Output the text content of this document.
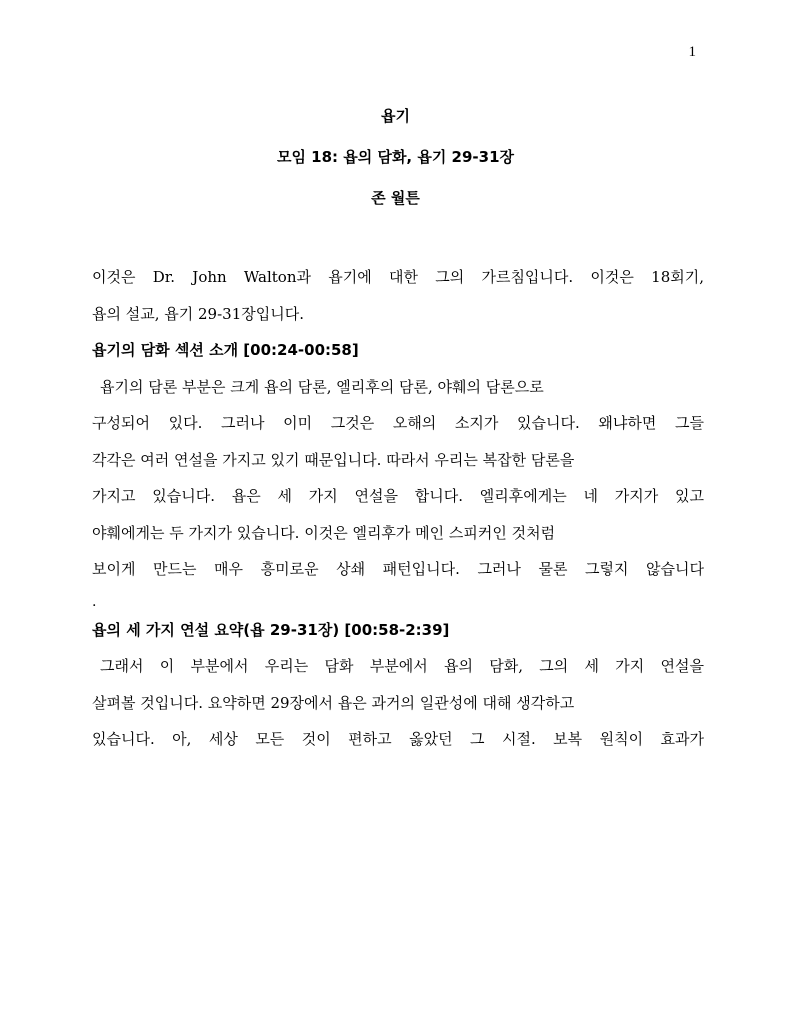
1
욥기
모임 18: 욥의 담화, 욥기 29-31장
존 월튼
이것은 Dr. John Walton과 욥기에 대한 그의 가르침입니다. 이것은 18회기,
욥의 설교, 욥기 29-31장입니다.
욥기의 담화 섹션 소개 [00:24-00:58]
욥기의 담론 부분은 크게 욥의 담론, 엘리후의 담론, 야훼의 담론으로
구성되어 있다. 그러나 이미 그것은 오해의 소지가 있습니다. 왜냐하면 그들
각각은 여러 연설을 가지고 있기 때문입니다. 따라서 우리는 복잡한 담론을
가지고 있습니다. 욥은 세 가지 연설을 합니다. 엘리후에게는 네 가지가 있고
야훼에게는 두 가지가 있습니다. 이것은 엘리후가 메인 스피커인 것처럼
보이게 만드는 매우 흥미로운 상쇄 패턴입니다. 그러나 물론 그렇지 않습니다
.
욥의 세 가지 연설 요약(욥 29-31장) [00:58-2:39]
그래서 이 부분에서 우리는 담화 부분에서 욥의 담화, 그의 세 가지 연설을
살펴볼 것입니다. 요약하면 29장에서 욥은 과거의 일관성에 대해 생각하고
있습니다. 아, 세상 모든 것이 편하고 옳았던 그 시절. 보복 원칙이 효과가
